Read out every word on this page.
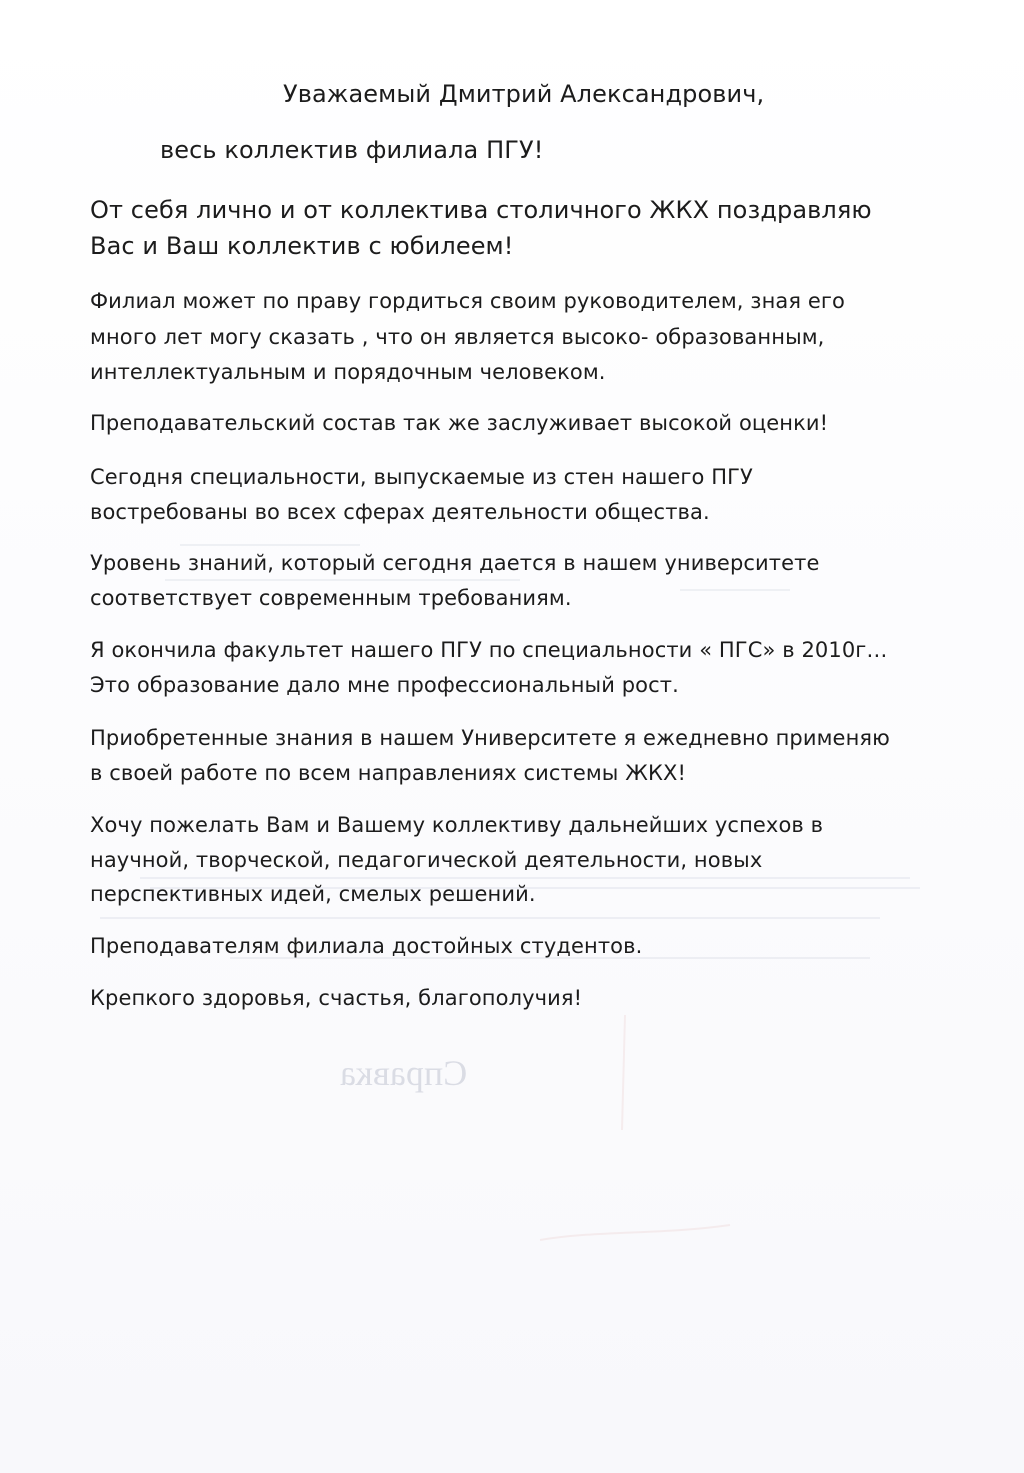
Справка
Уважаемый Дмитрий Александрович,
весь коллектив филиала ПГУ!
От себя лично и от коллектива столичного ЖКХ поздравляю
Вас и Ваш коллектив с юбилеем!
Филиал может по праву гордиться своим руководителем, зная его
много лет могу сказать , что он является высоко- образованным,
интеллектуальным и порядочным человеком.
Преподавательский состав так же заслуживает высокой оценки!
Сегодня специальности, выпускаемые из стен нашего ПГУ
востребованы во всех сферах деятельности общества.
Уровень знаний, который сегодня дается в нашем университете
соответствует современным требованиям.
Я окончила факультет нашего ПГУ по специальности « ПГС» в 2010г…
Это образование дало мне профессиональный рост.
Приобретенные знания в нашем Университете я ежедневно применяю
в своей работе по всем направлениях системы ЖКХ!
Хочу пожелать Вам и Вашему коллективу дальнейших успехов в
научной, творческой, педагогической деятельности, новых
перспективных идей, смелых решений.
Преподавателям филиала достойных студентов.
Крепкого здоровья, счастья, благополучия!
